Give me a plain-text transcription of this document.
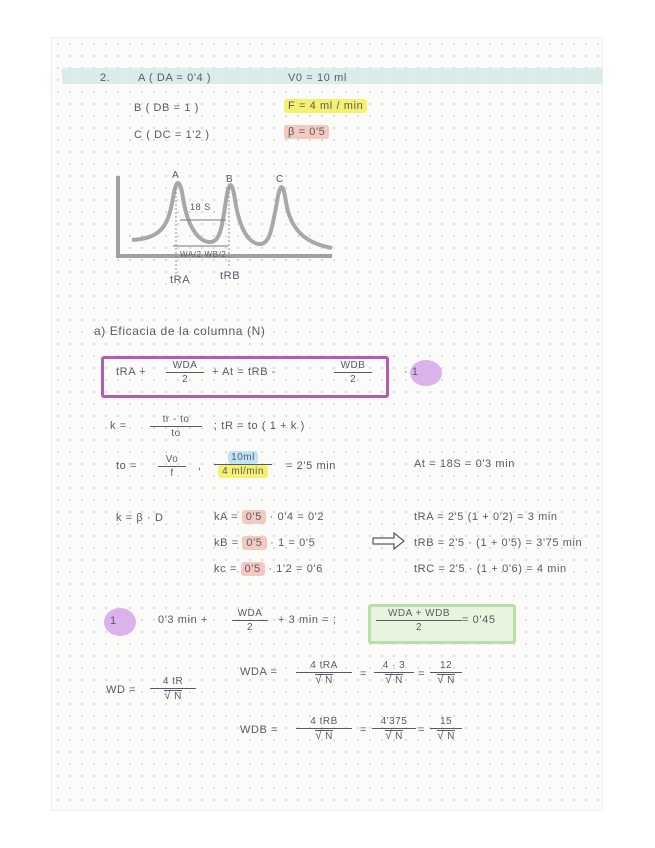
2.	A ( DA = 0'4 )
B ( DB = 1 )
C ( DC = 1'2 )
V0 = 10 ml
F = 4 ml / min
β = 0'5
A	B	C
18 S
WA/2 WB/2
tRA	tRB
a) Eficacia de la columna (N)
tRA +
WDA
2
+ At = tRB -
WDB
2
· 1
$k = \frac{tr - to}{to}$ ; tR = to ( 1 + k )
to = $\frac{Vo}{f}$ ,
10ml
4 ml/min	= 2'5 min	At = 18S = 0'3 min
k = β · D	kA = 0'5 · 0'4 = 0'2
kB = 0'5 · 1 = 0'5
kc = 0'5 · 1'2 = 0'6
tRA = 2'5 (1 + 0'2) = 3 min
tRB = 2'5 · (1 + 0'5) = 3'75 min
tRC = 2'5 · (1 + 0'6) = 4 min
1	0'3 min +
WDA
2
+ 3 min = ;
WDA + WDB
2
= 0'45
WD = 4 tR
√ N
WDA =
4 tRA
√ N
= 4 · 3
√ N = 12
√ N
WDB =
4 tRB
√ N
= 4'375
√ N = 15
√ N
